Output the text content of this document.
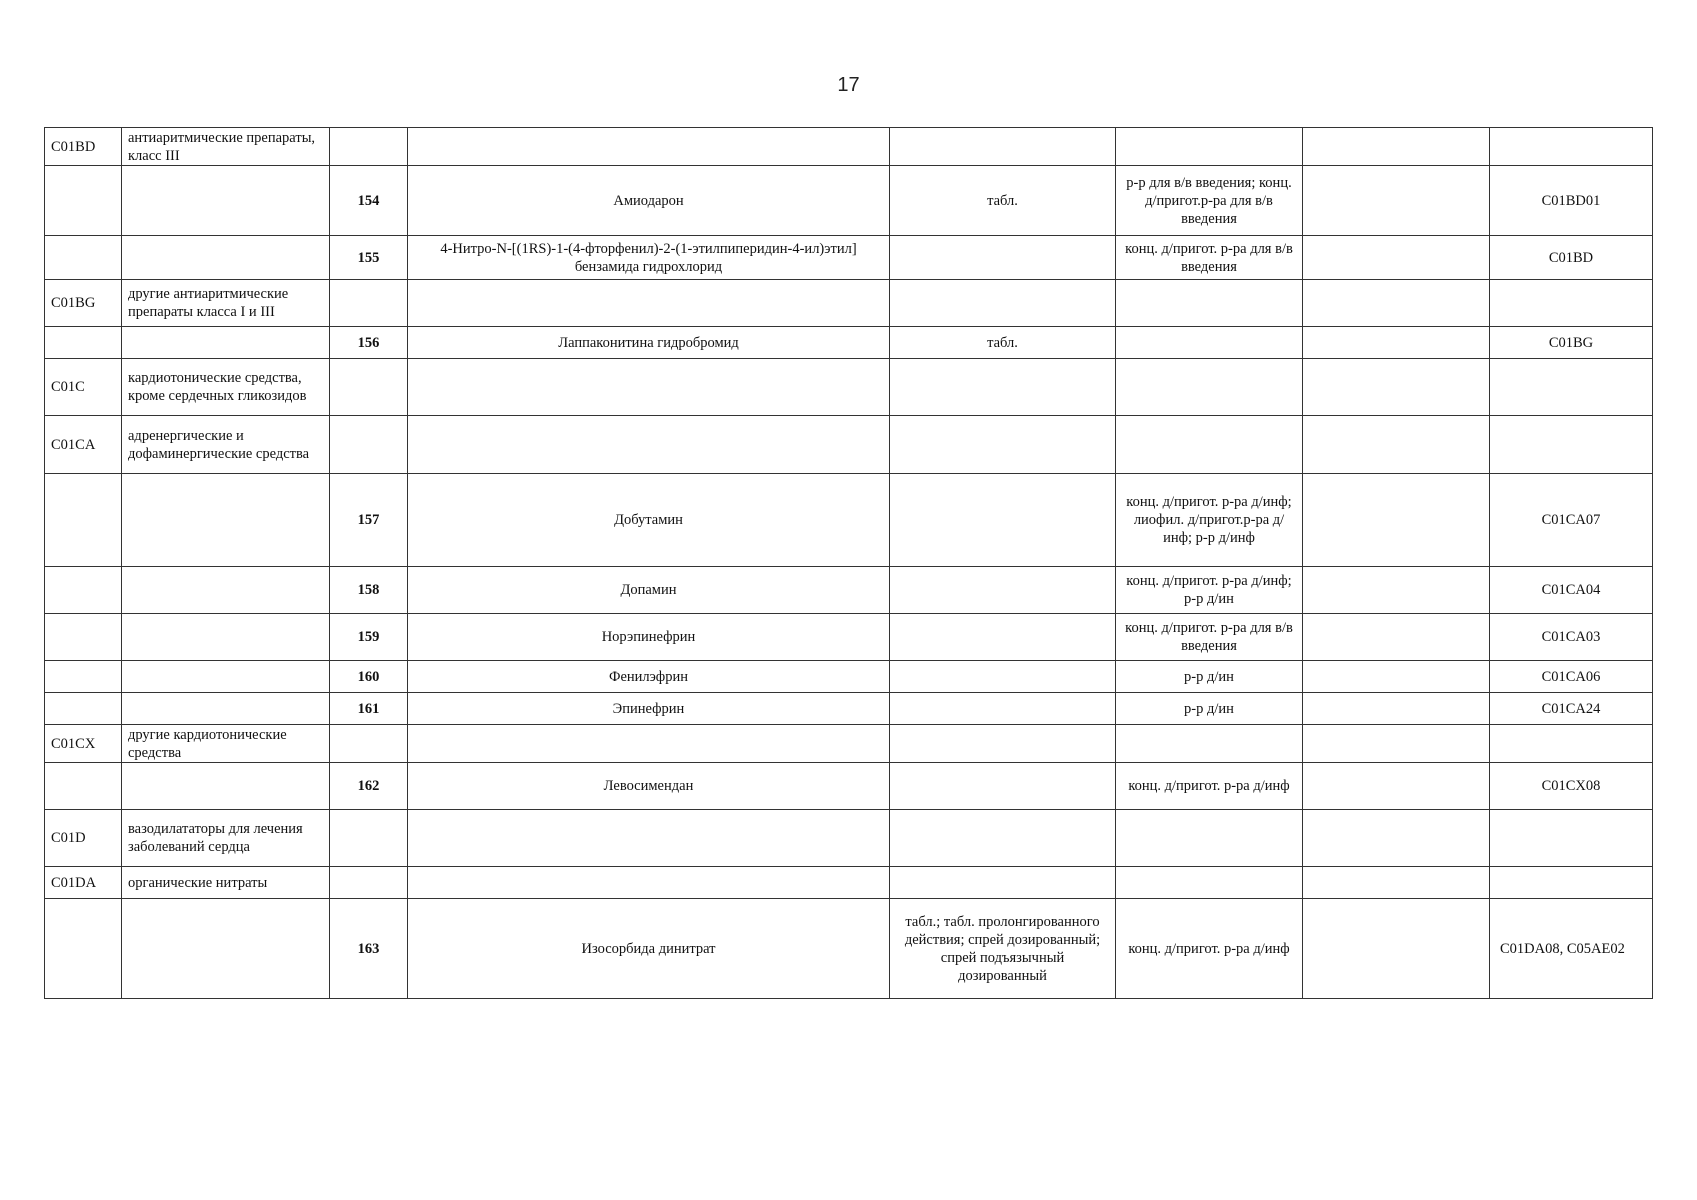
17
C01BD	антиаритмические препараты, класс III						
		154	Амиодарон	табл.	р-р для в/в введения; конц. д/пригот.р-ра для в/в введения		C01BD01
		155	4-Нитро-N-[(1RS)-1-(4-фторфенил)-2-(1-этилпиперидин-4-ил)этил] бензамида гидрохлорид		конц. д/пригот. р-ра для в/в введения		C01BD
C01BG	другие антиаритмические препараты класса I и III						
		156	Лаппаконитина гидробромид	табл.			C01BG
C01C	кардиотонические средства, кроме сердечных гликозидов						
C01CA	адренергические и дофаминергические средства						
		157	Добутамин		конц. д/пригот. р-ра д/инф; лиофил. д/пригот.р-ра д/инф; р-р д/инф		C01CA07
		158	Допамин		конц. д/пригот. р-ра д/инф; р-р д/ин		C01CA04
		159	Норэпинефрин		конц. д/пригот. р-ра для в/в введения		C01CA03
		160	Фенилэфрин		р-р д/ин		C01CA06
		161	Эпинефрин		р-р д/ин		C01CA24
C01CX	другие кардиотонические средства						
		162	Левосимендан		конц. д/пригот. р-ра д/инф		C01CX08
C01D	вазодилататоры для лечения заболеваний сердца						
C01DA	органические нитраты						
		163	Изосорбида динитрат	табл.; табл. пролонгированного действия; спрей дозированный; спрей подъязычный дозированный	конц. д/пригот. р-ра д/инф		C01DA08, C05AE02
